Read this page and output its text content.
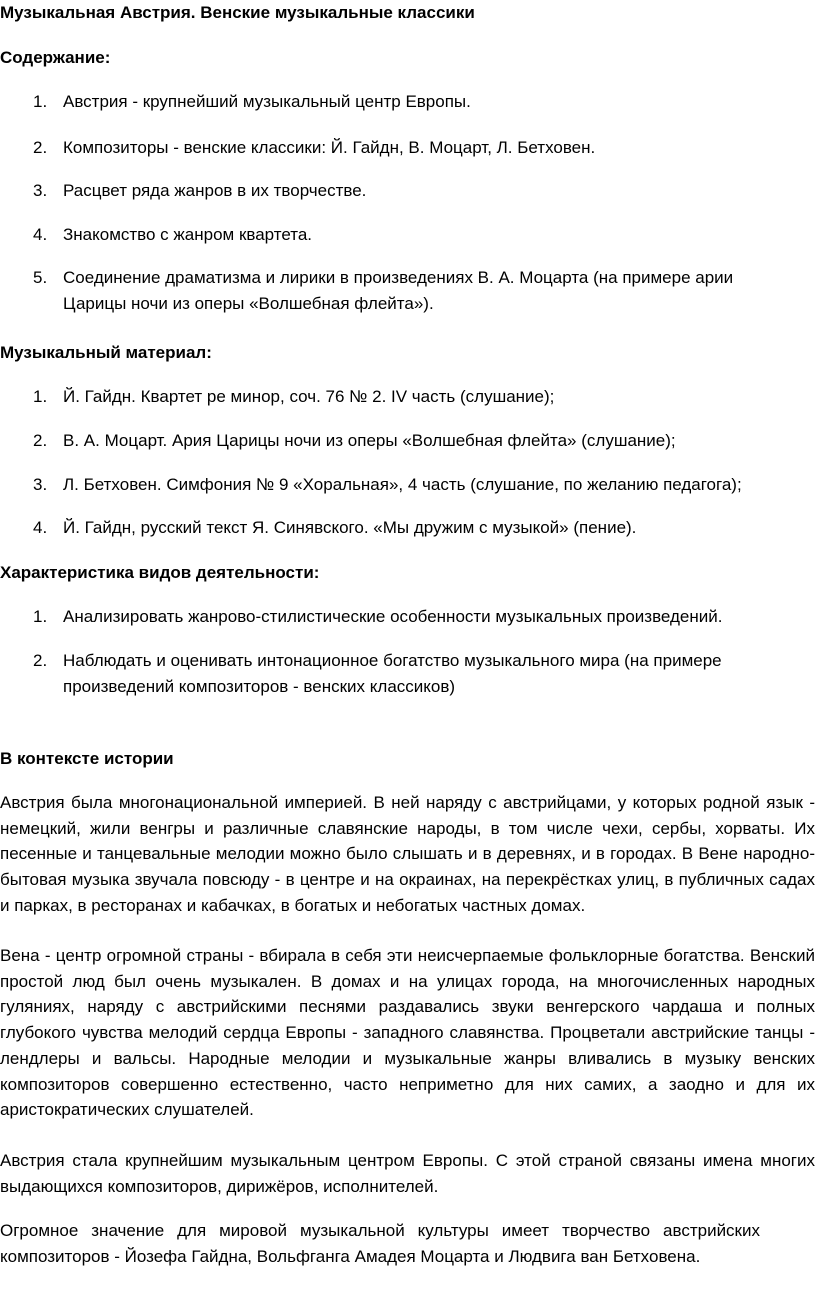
Музыкальная Австрия. Венские музыкальные классики
Содержание:
1. Австрия - крупнейший музыкальный центр Европы.
2. Композиторы - венские классики: Й. Гайдн, В. Моцарт, Л. Бетховен.
3. Расцвет ряда жанров в их творчестве.
4. Знакомство с жанром квартета.
5. Соединение драматизма и лирики в произведениях В. А. Моцарта (на примере арии Царицы ночи из оперы «Волшебная флейта»).
Музыкальный материал:
1. Й. Гайдн. Квартет ре минор, соч. 76 № 2. IV часть (слушание);
2. В. А. Моцарт. Ария Царицы ночи из оперы «Волшебная флейта» (слушание);
3. Л. Бетховен. Симфония № 9 «Хоральная», 4 часть (слушание, по желанию педагога);
4. Й. Гайдн, русский текст Я. Синявского. «Мы дружим с музыкой» (пение).
Характеристика видов деятельности:
1. Анализировать жанрово-стилистические особенности музыкальных произведений.
2. Наблюдать и оценивать интонационное богатство музыкального мира (на примере произведений композиторов - венских классиков)
В контексте истории
Австрия была многонациональной империей. В ней наряду с австрийцами, у которых родной язык - немецкий, жили венгры и различные славянские народы, в том числе чехи, сербы, хорваты. Их песенные и танцевальные мелодии можно было слышать и в деревнях, и в городах. В Вене народно-бытовая музыка звучала повсюду - в центре и на окраинах, на перекрёстках улиц, в публичных садах и парках, в ресторанах и кабачках, в богатых и небогатых частных домах.
Вена - центр огромной страны - вбирала в себя эти неисчерпаемые фольклорные богатства. Венский простой люд был очень музыкален. В домах и на улицах города, на многочисленных народных гуляниях, наряду с австрийскими песнями раздавались звуки венгерского чардаша и полных глубокого чувства мелодий сердца Европы - западного славянства. Процветали австрийские танцы - лендлеры и вальсы. Народные мелодии и музыкальные жанры вливались в музыку венских композиторов совершенно естественно, часто неприметно для них самих, а заодно и для их аристократических слушателей.
Австрия стала крупнейшим музыкальным центром Европы. С этой страной связаны имена многих выдающихся композиторов, дирижёров, исполнителей.
Огромное значение для мировой музыкальной культуры имеет творчество австрийских композиторов - Йозефа Гайдна, Вольфганга Амадея Моцарта и Людвига ван Бетховена.
